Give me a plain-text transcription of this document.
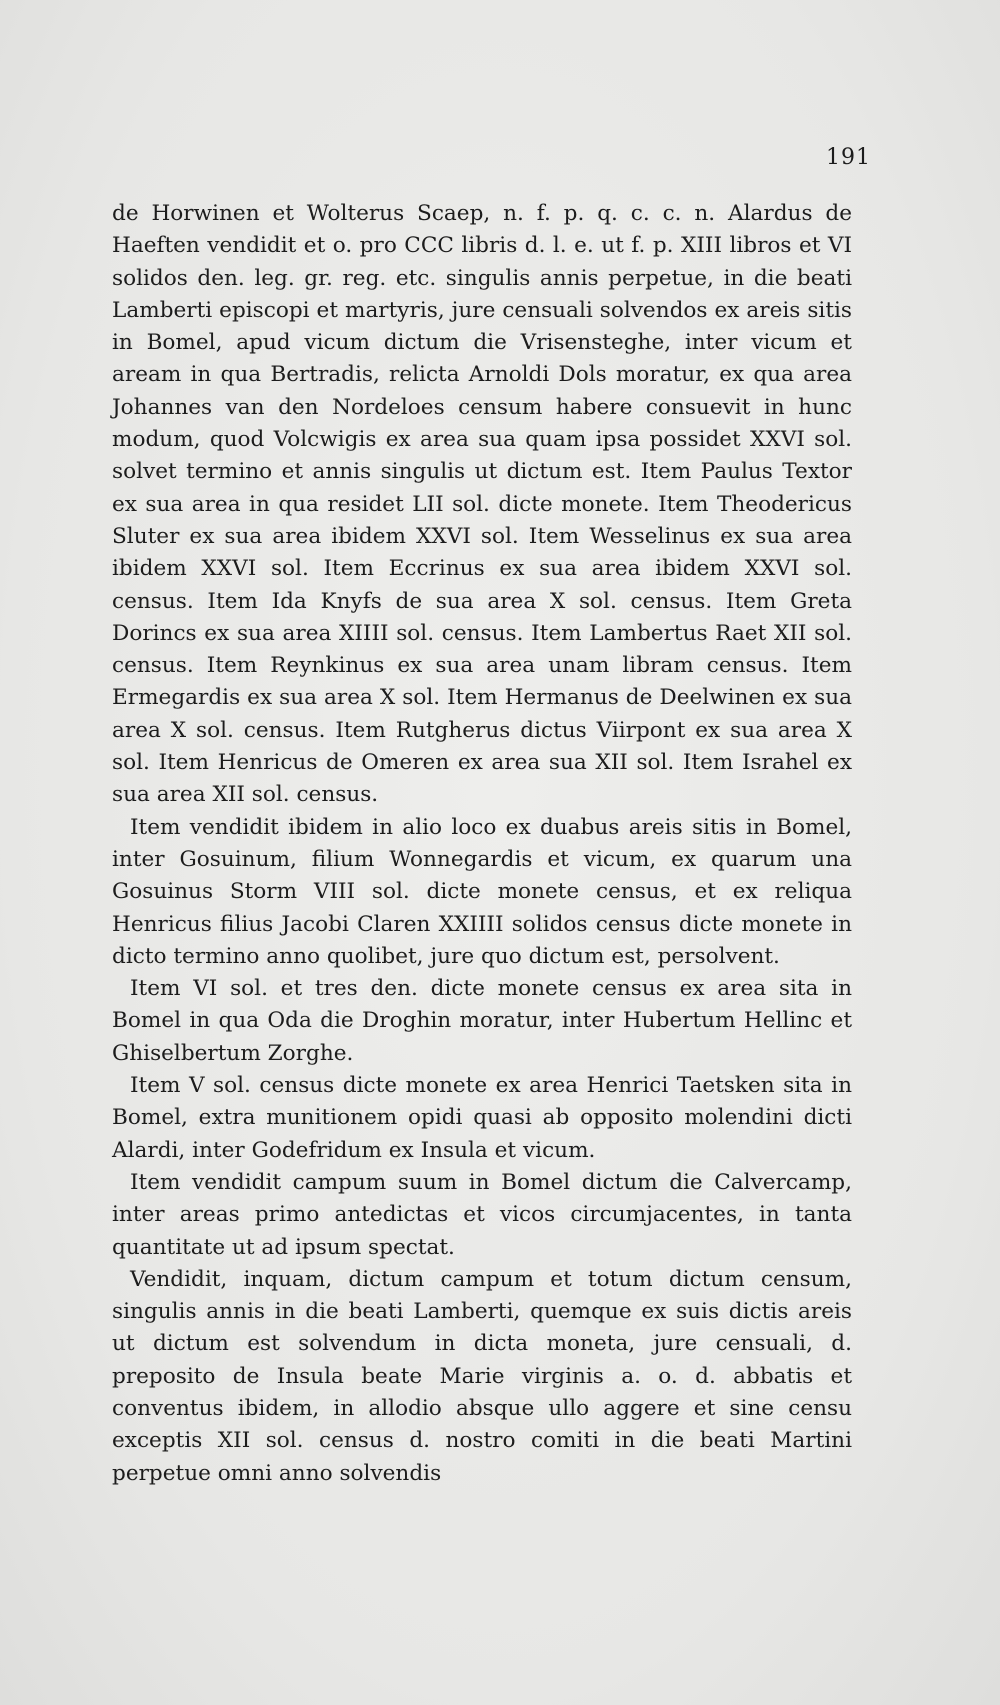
191

de Horwinen et Wolterus Scaep, n. f. p. q. c. c. n. Alardus de Haeften vendidit et o. pro CCC libris d. l. e. ut f. p. XIII libros et VI solidos den. leg. gr. reg. etc. singulis annis perpetue, in die beati Lamberti episcopi et martyris, jure censuali solvendos ex areis sitis in Bomel, apud vicum dictum die Vrisensteghe, inter vicum et aream in qua Bertradis, relicta Arnoldi Dols moratur, ex qua area Johannes van den Nordeloes censum habere consuevit in hunc modum, quod Volcwigis ex area sua quam ipsa possidet XXVI sol. solvet termino et annis singulis ut dictum est. Item Paulus Textor ex sua area in qua residet LII sol. dicte monete. Item Theodericus Sluter ex sua area ibidem XXVI sol. Item Wesselinus ex sua area ibidem XXVI sol. Item Eccrinus ex sua area ibidem XXVI sol. census. Item Ida Knyfs de sua area X sol. census. Item Greta Dorincs ex sua area XIIII sol. census. Item Lambertus Raet XII sol. census. Item Reynkinus ex sua area unam libram census. Item Ermegardis ex sua area X sol. Item Hermanus de Deelwinen ex sua area X sol. census. Item Rutgherus dictus Viirpont ex sua area X sol. Item Henricus de Omeren ex area sua XII sol. Item Israhel ex sua area XII sol. census.

Item vendidit ibidem in alio loco ex duabus areis sitis in Bomel, inter Gosuinum, filium Wonnegardis et vicum, ex quarum una Gosuinus Storm VIII sol. dicte monete census, et ex reliqua Henricus filius Jacobi Claren XXIIII solidos census dicte monete in dicto termino anno quolibet, jure quo dictum est, persolvent.

Item VI sol. et tres den. dicte monete census ex area sita in Bomel in qua Oda die Droghin moratur, inter Hubertum Hellinc et Ghiselbertum Zorghe.

Item V sol. census dicte monete ex area Henrici Taetsken sita in Bomel, extra munitionem opidi quasi ab opposito molendini dicti Alardi, inter Godefridum ex Insula et vicum.

Item vendidit campum suum in Bomel dictum die Calvercamp, inter areas primo antedictas et vicos circumjacentes, in tanta quantitate ut ad ipsum spectat.

Vendidit, inquam, dictum campum et totum dictum censum, singulis annis in die beati Lamberti, quemque ex suis dictis areis ut dictum est solvendum in dicta moneta, jure censuali, d. preposito de Insula beate Marie virginis a. o. d. abbatis et conventus ibidem, in allodio absque ullo aggere et sine censu exceptis XII sol. census d. nostro comiti in die beati Martini perpetue omni anno solvendis
